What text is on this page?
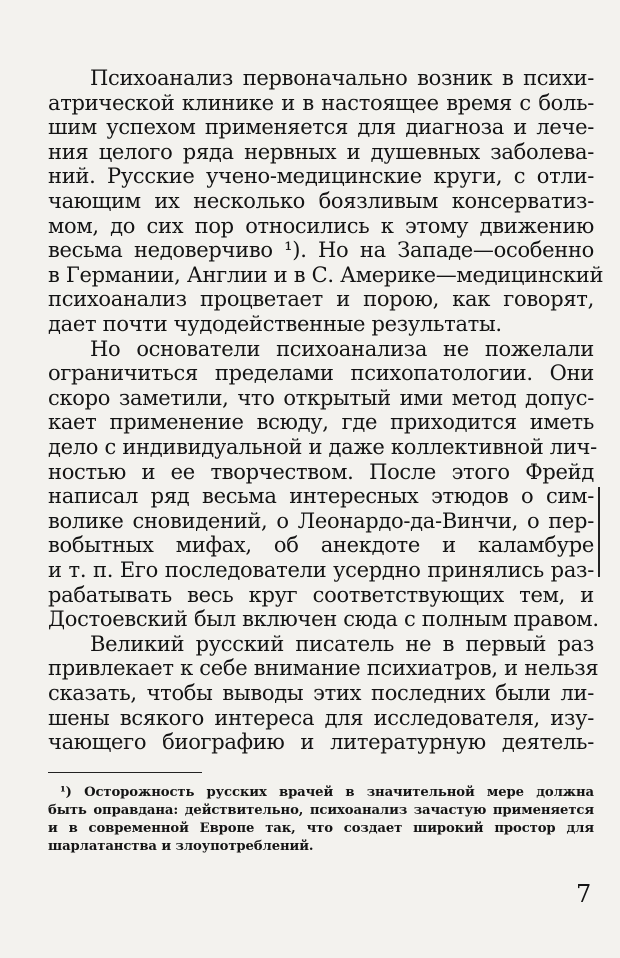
Психоанализ первоначально возник в психи-
атрической клинике и в настоящее время с боль-
шим успехом применяется для диагноза и лече-
ния целого ряда нервных и душевных заболева-
ний. Русские учено-медицинские круги, с отли-
чающим их несколько боязливым консерватиз-
мом, до сих пор относились к этому движению
весьма недоверчиво ¹). Но на Западе—особенно
в Германии, Англии и в С. Америке—медицинский
психоанализ процветает и порою, как говорят,
дает почти чудодейственные результаты.
Но основатели психоанализа не пожелали
ограничиться пределами психопатологии. Они
скоро заметили, что открытый ими метод допус-
кает применение всюду, где приходится иметь
дело с индивидуальной и даже коллективной лич-
ностью и ее творчеством. После этого Фрейд
написал ряд весьма интересных этюдов о сим-
волике сновидений, о Леонардо-да-Винчи, о пер-
вобытных мифах, об анекдоте и каламбуре
и т. п. Его последователи усердно принялись раз-
рабатывать весь круг соответствующих тем, и
Достоевский был включен сюда с полным правом.
¹) Осторожность русских врачей в значительной мере должна
быть оправдана: действительно, психоанализ зачастую применяется
и в современной Европе так, что создает широкий простор для
шарлатанства и злоупотреблений.
7
Великий русский писатель не в первый раз
привлекает к себе внимание психиатров, и нельзя
сказать, чтобы выводы этих последних были ли-
шены всякого интереса для исследователя, изу-
чающего биографию и литературную деятель-
